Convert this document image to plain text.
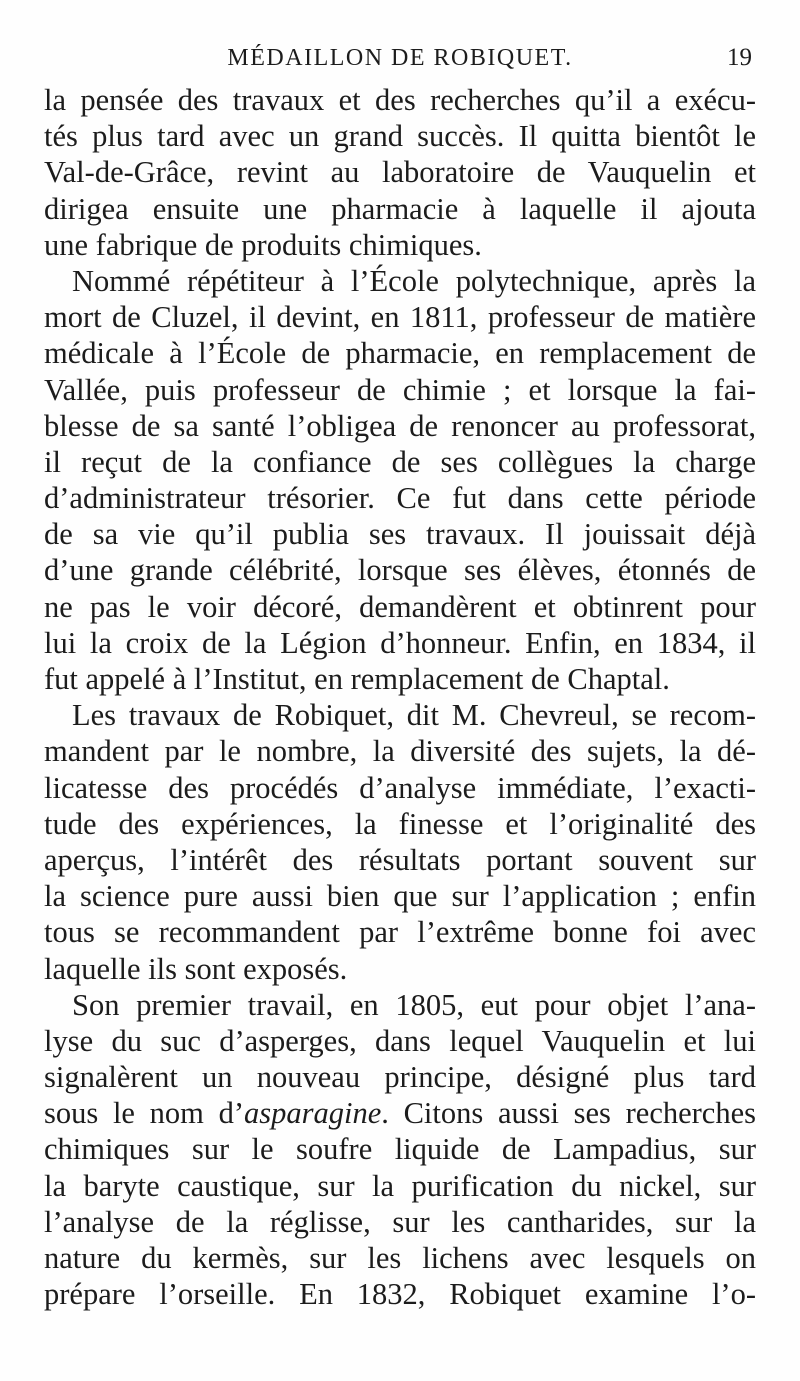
MÉDAILLON DE ROBIQUET.	19
la pensée des travaux et des recherches qu’il a exécu-
tés plus tard avec un grand succès. Il quitta bientôt le
Val-de-Grâce, revint au laboratoire de Vauquelin et
dirigea ensuite une pharmacie à laquelle il ajouta
une fabrique de produits chimiques.
Nommé répétiteur à l’École polytechnique, après la
mort de Cluzel, il devint, en 1811, professeur de matière
médicale à l’École de pharmacie, en remplacement de
Vallée, puis professeur de chimie ; et lorsque la fai-
blesse de sa santé l’obligea de renoncer au professorat,
il reçut de la confiance de ses collègues la charge
d’administrateur trésorier. Ce fut dans cette période
de sa vie qu’il publia ses travaux. Il jouissait déjà
d’une grande célébrité, lorsque ses élèves, étonnés de
ne pas le voir décoré, demandèrent et obtinrent pour
lui la croix de la Légion d’honneur. Enfin, en 1834, il
fut appelé à l’Institut, en remplacement de Chaptal.
Les travaux de Robiquet, dit M. Chevreul, se recom-
mandent par le nombre, la diversité des sujets, la dé-
licatesse des procédés d’analyse immédiate, l’exacti-
tude des expériences, la finesse et l’originalité des
aperçus, l’intérêt des résultats portant souvent sur
la science pure aussi bien que sur l’application ; enfin
tous se recommandent par l’extrême bonne foi avec
laquelle ils sont exposés.
Son premier travail, en 1805, eut pour objet l’ana-
lyse du suc d’asperges, dans lequel Vauquelin et lui
signalèrent un nouveau principe, désigné plus tard
sous le nom d’asparagine. Citons aussi ses recherches
chimiques sur le soufre liquide de Lampadius, sur
la baryte caustique, sur la purification du nickel, sur
l’analyse de la réglisse, sur les cantharides, sur la
nature du kermès, sur les lichens avec lesquels on
prépare l’orseille. En 1832, Robiquet examine l’o-
